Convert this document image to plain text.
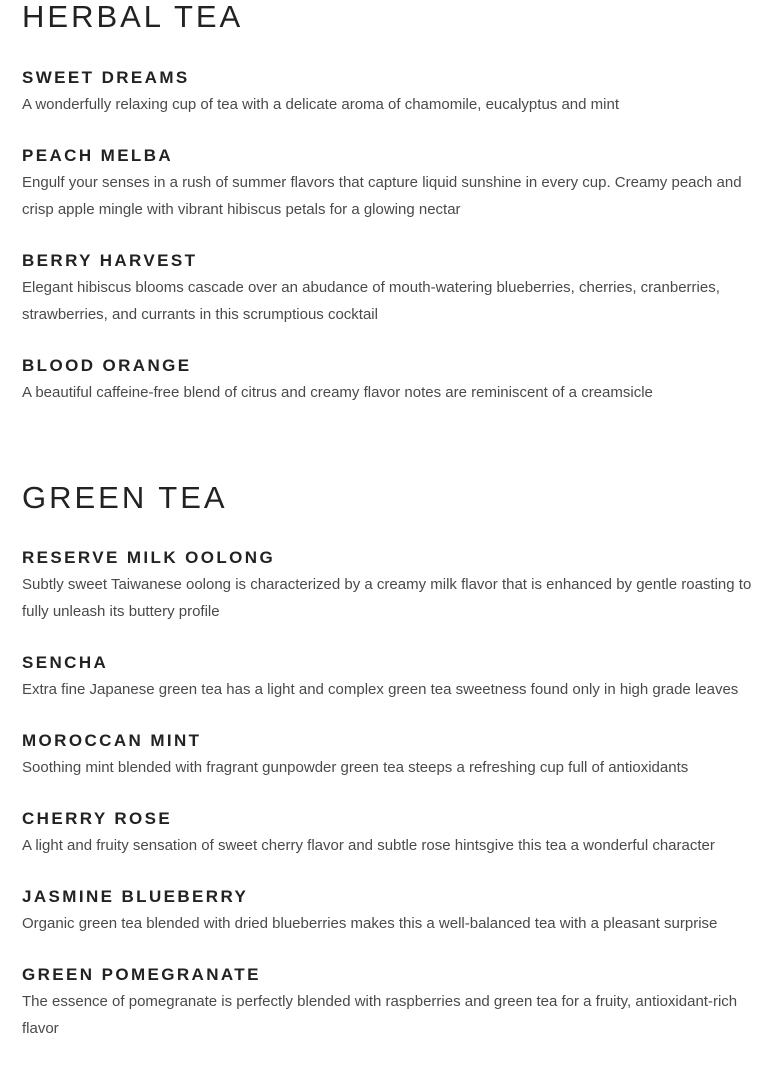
HERBAL TEA
SWEET DREAMS

A wonderfully relaxing cup of tea with a delicate aroma of chamomile, eucalyptus and mint

PEACH MELBA

Engulf your senses in a rush of summer flavors that capture liquid sunshine in every cup. Creamy peach and crisp apple mingle with vibrant hibiscus petals for a glowing nectar

BERRY HARVEST

Elegant hibiscus blooms cascade over an abudance of mouth-watering blueberries, cherries, cranberries, strawberries, and currants in this scrumptious cocktail

BLOOD ORANGE

A beautiful caffeine-free blend of citrus and creamy flavor notes are reminiscent of a creamsicle

GREEN TEA
RESERVE MILK OOLONG

Subtly sweet Taiwanese oolong is characterized by a creamy milk flavor that is enhanced by gentle roasting to fully unleash its buttery profile

SENCHA

Extra fine Japanese green tea has a light and complex green tea sweetness found only in high grade leaves

MOROCCAN MINT

Soothing mint blended with fragrant gunpowder green tea steeps a refreshing cup full of antioxidants

CHERRY ROSE

A light and fruity sensation of sweet cherry flavor and subtle rose hintsgive this tea a wonderful character

JASMINE BLUEBERRY

Organic green tea blended with dried blueberries makes this a well-balanced tea with a pleasant surprise

GREEN POMEGRANATE

The essence of pomegranate is perfectly blended with raspberries and green tea for a fruity, antioxidant-rich flavor
